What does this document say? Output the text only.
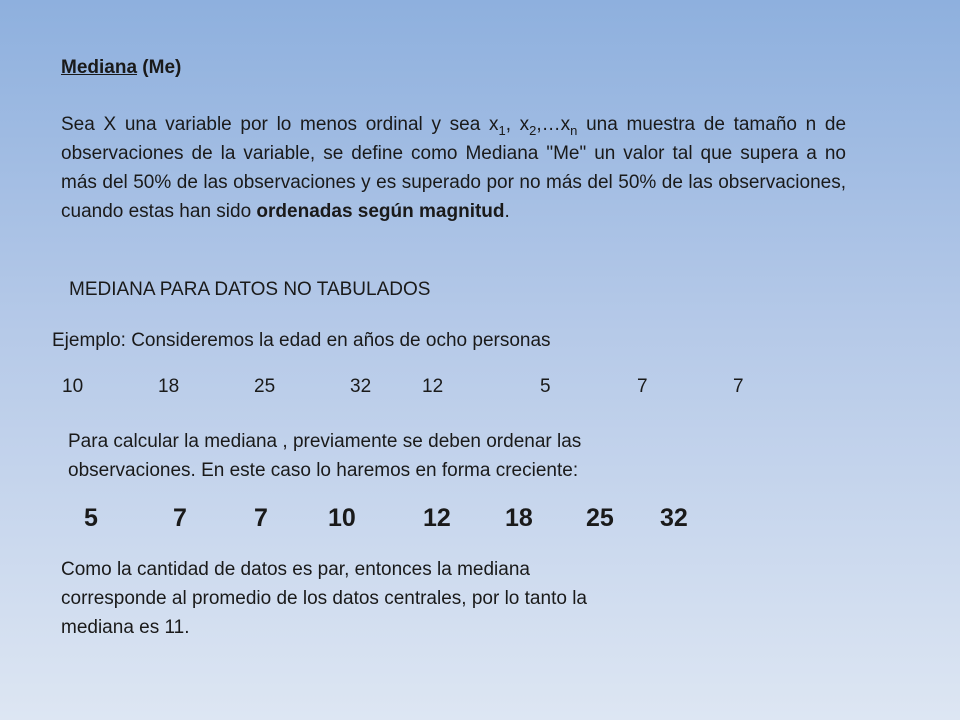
Mediana (Me)
Sea X una variable por lo menos ordinal y sea $x_1$, $x_2,\dots x_n$ una muestra de tamaño n de observaciones de la variable, se define como Mediana "Me" un valor tal que supera a no más del 50% de las observaciones y es superado por no más del 50% de las observaciones, cuando estas han sido ordenadas según magnitud.
MEDIANA PARA DATOS NO TABULADOS
Ejemplo: Consideremos la edad en años de ocho personas
10	18	25	32	12	5	7	7
Para calcular la mediana , previamente se deben ordenar las
observaciones. En este caso lo haremos en forma creciente:
5	7	7 10	12 18 25 32
Como la cantidad de datos es par, entonces la mediana
corresponde al promedio de los datos centrales, por lo tanto la
mediana es 11.
